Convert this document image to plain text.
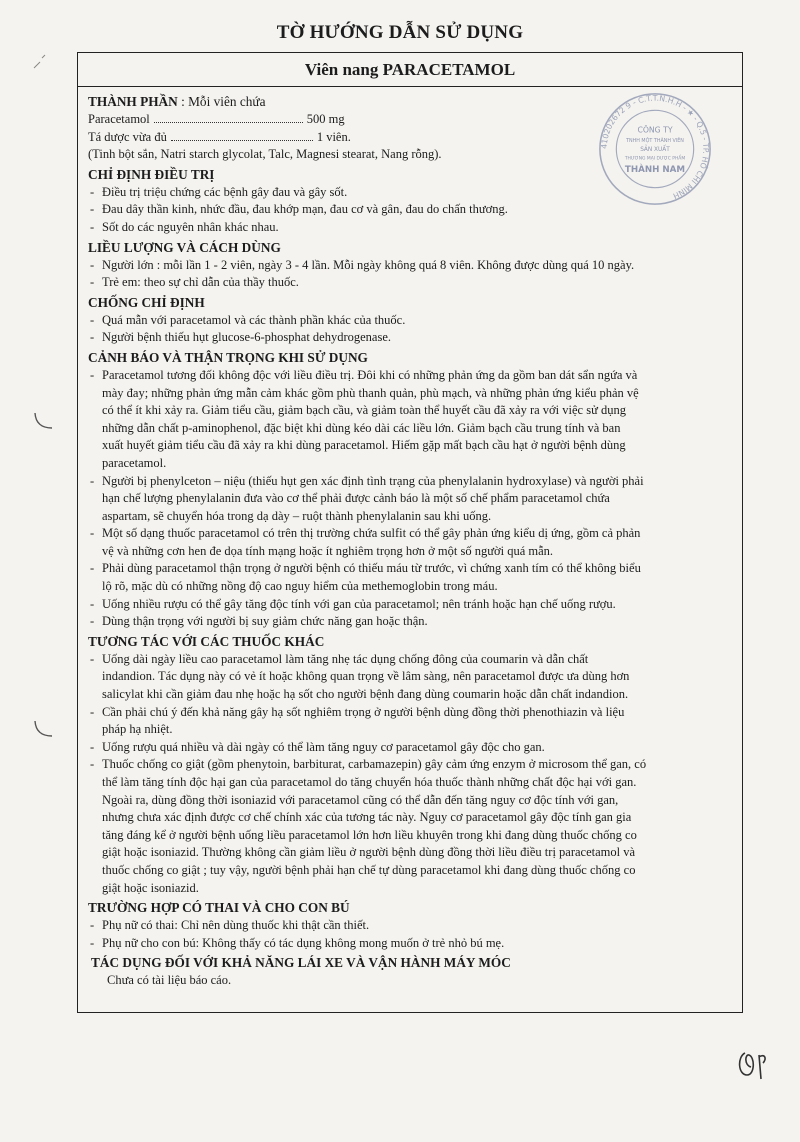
TỜ HƯỚNG DẪN SỬ DỤNG
Viên nang PARACETAMOL
THÀNH PHẦN : Mỗi viên chứa
Paracetamol	500 mg
Tá dược vừa đủ	1 viên.
(Tinh bột sắn, Natri starch glycolat, Talc, Magnesi stearat, Nang rỗng).
CHỈ ĐỊNH ĐIỀU TRỊ
- Điều trị triệu chứng các bệnh gây đau và gây sốt.
- Đau dây thần kinh, nhức đầu, đau khớp mạn, đau cơ và gân, đau do chấn thương.
- Sốt do các nguyên nhân khác nhau.
LIỀU LƯỢNG VÀ CÁCH DÙNG
- Người lớn : mỗi lần 1 - 2 viên, ngày 3 - 4 lần. Mỗi ngày không quá 8 viên. Không được dùng quá 10 ngày.
- Trẻ em: theo sự chỉ dẫn của thầy thuốc.
CHỐNG CHỈ ĐỊNH
- Quá mẫn với paracetamol và các thành phần khác của thuốc.
- Người bệnh thiếu hụt glucose-6-phosphat dehydrogenase.
CẢNH BÁO VÀ THẬN TRỌNG KHI SỬ DỤNG
- Paracetamol tương đối không độc với liều điều trị. Đôi khi có những phản ứng da gồm ban dát sẩn ngứa và
mày đay; những phản ứng mẫn cảm khác gồm phù thanh quản, phù mạch, và những phản ứng kiểu phản vệ
có thể ít khi xảy ra. Giảm tiểu cầu, giảm bạch cầu, và giảm toàn thể huyết cầu đã xảy ra với việc sử dụng
những dẫn chất p-aminophenol, đặc biệt khi dùng kéo dài các liều lớn. Giảm bạch cầu trung tính và ban
xuất huyết giảm tiểu cầu đã xảy ra khi dùng paracetamol. Hiếm gặp mất bạch cầu hạt ở người bệnh dùng
paracetamol.
- Người bị phenylceton – niệu (thiếu hụt gen xác định tình trạng của phenylalanin hydroxylase) và người phải
hạn chế lượng phenylalanin đưa vào cơ thể phải được cảnh báo là một số chế phẩm paracetamol chứa
aspartam, sẽ chuyển hóa trong dạ dày – ruột thành phenylalanin sau khi uống.
- Một số dạng thuốc paracetamol có trên thị trường chứa sulfit có thể gây phản ứng kiểu dị ứng, gồm cả phản
vệ và những cơn hen đe dọa tính mạng hoặc ít nghiêm trọng hơn ở một số người quá mẫn.
- Phải dùng paracetamol thận trọng ở người bệnh có thiếu máu từ trước, vì chứng xanh tím có thể không biểu
lộ rõ, mặc dù có những nồng độ cao nguy hiểm của methemoglobin trong máu.
- Uống nhiều rượu có thể gây tăng độc tính với gan của paracetamol; nên tránh hoặc hạn chế uống rượu.
- Dùng thận trọng với người bị suy giảm chức năng gan hoặc thận.
TƯƠNG TÁC VỚI CÁC THUỐC KHÁC
- Uống dài ngày liều cao paracetamol làm tăng nhẹ tác dụng chống đông của coumarin và dẫn chất
indandion. Tác dụng này có vẻ ít hoặc không quan trọng về lâm sàng, nên paracetamol được ưa dùng hơn
salicylat khi cần giảm đau nhẹ hoặc hạ sốt cho người bệnh đang dùng coumarin hoặc dẫn chất indandion.
- Cần phải chú ý đến khả năng gây hạ sốt nghiêm trọng ở người bệnh dùng đồng thời phenothiazin và liệu
pháp hạ nhiệt.
- Uống rượu quá nhiều và dài ngày có thể làm tăng nguy cơ paracetamol gây độc cho gan.
- Thuốc chống co giật (gồm phenytoin, barbiturat, carbamazepin) gây cảm ứng enzym ở microsom thể gan, có
thể làm tăng tính độc hại gan của paracetamol do tăng chuyển hóa thuốc thành những chất độc hại với gan.
Ngoài ra, dùng đồng thời isoniazid với paracetamol cũng có thể dẫn đến tăng nguy cơ độc tính với gan,
nhưng chưa xác định được cơ chế chính xác của tương tác này. Nguy cơ paracetamol gây độc tính gan gia
tăng đáng kể ở người bệnh uống liều paracetamol lớn hơn liều khuyên trong khi đang dùng thuốc chống co
giật hoặc isoniazid. Thường không cần giảm liều ở người bệnh dùng đồng thời liều điều trị paracetamol và
thuốc chống co giật ; tuy vậy, người bệnh phải hạn chế tự dùng paracetamol khi đang dùng thuốc chống co
giật hoặc isoniazid.
TRƯỜNG HỢP CÓ THAI VÀ CHO CON BÚ
- Phụ nữ có thai: Chỉ nên dùng thuốc khi thật cần thiết.
- Phụ nữ cho con bú: Không thấy có tác dụng không mong muốn ở trẻ nhỏ bú mẹ.
TÁC DỤNG ĐỐI VỚI KHẢ NĂNG LÁI XE VÀ VẬN HÀNH MÁY MÓC
Chưa có tài liệu báo cáo.
410202672 9 - C.T.T.N.H.H - ★ - Q.5 - TP. HỒ CHÍ MINH
CÔNG TY
TNHH MỘT THÀNH VIÊN
SẢN XUẤT
THƯƠNG MẠI DƯỢC PHẨM
THÀNH NAM
